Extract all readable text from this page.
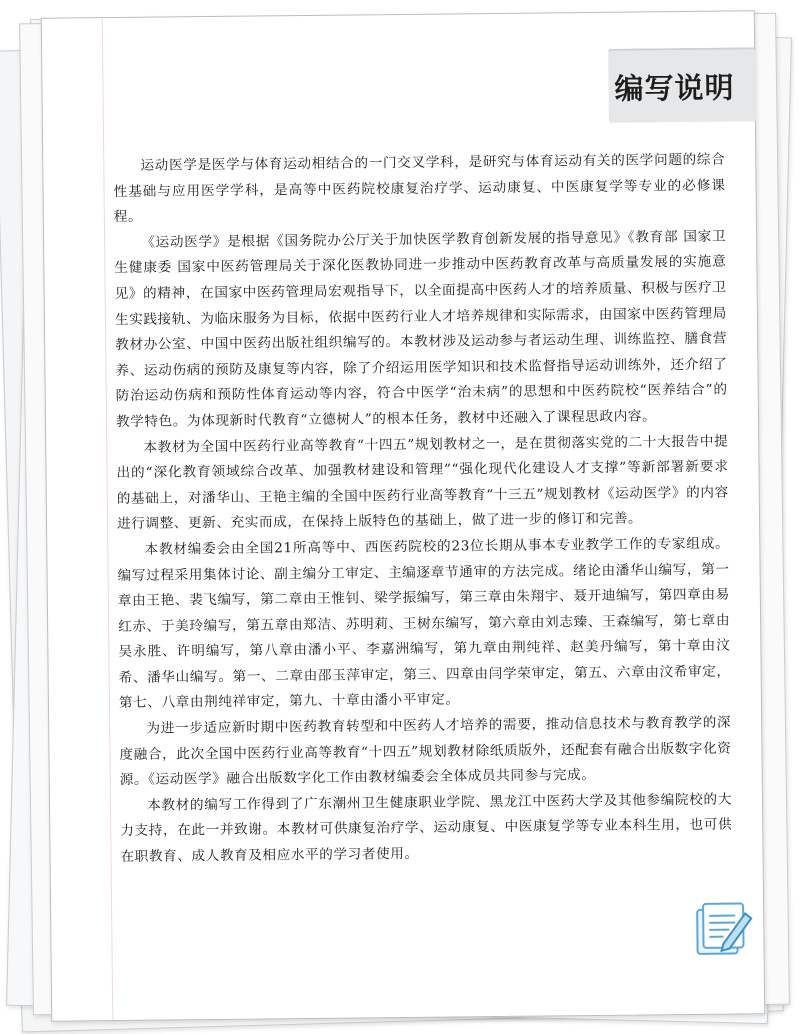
编写说明

运动医学是医学与体育运动相结合的一门交叉学科，是研究与体育运动有关的医学问题的综合性基础与应用医学学科，是高等中医药院校康复治疗学、运动康复、中医康复学等专业的必修课程。

《运动医学》是根据《国务院办公厅关于加快医学教育创新发展的指导意见》《教育部 国家卫生健康委 国家中医药管理局关于深化医教协同进一步推动中医药教育改革与高质量发展的实施意见》的精神，在国家中医药管理局宏观指导下，以全面提高中医药人才的培养质量、积极与医疗卫生实践接轨、为临床服务为目标，依据中医药行业人才培养规律和实际需求，由国家中医药管理局教材办公室、中国中医药出版社组织编写的。本教材涉及运动参与者运动生理、训练监控、膳食营养、运动伤病的预防及康复等内容，除了介绍运用医学知识和技术监督指导运动训练外，还介绍了防治运动伤病和预防性体育运动等内容，符合中医学“治未病”的思想和中医药院校“医养结合”的教学特色。为体现新时代教育“立德树人”的根本任务，教材中还融入了课程思政内容。

本教材为全国中医药行业高等教育“十四五”规划教材之一，是在贯彻落实党的二十大报告中提出的“深化教育领域综合改革、加强教材建设和管理”“强化现代化建设人才支撑”等新部署新要求的基础上，对潘华山、王艳主编的全国中医药行业高等教育“十三五”规划教材《运动医学》的内容进行调整、更新、充实而成，在保持上版特色的基础上，做了进一步的修订和完善。

本教材编委会由全国21所高等中、西医药院校的23位长期从事本专业教学工作的专家组成。编写过程采用集体讨论、副主编分工审定、主编逐章节通审的方法完成。绪论由潘华山编写，第一章由王艳、裴飞编写，第二章由王惟钊、梁学振编写，第三章由朱翔宇、聂开迪编写，第四章由易红赤、于美玲编写，第五章由郑洁、苏明莉、王树东编写，第六章由刘志臻、王森编写，第七章由吴永胜、许明编写，第八章由潘小平、李嘉洲编写，第九章由荆纯祥、赵美丹编写，第十章由汶希、潘华山编写。第一、二章由邵玉萍审定，第三、四章由闫学荣审定，第五、六章由汶希审定，第七、八章由荆纯祥审定，第九、十章由潘小平审定。

为进一步适应新时期中医药教育转型和中医药人才培养的需要，推动信息技术与教育教学的深度融合，此次全国中医药行业高等教育“十四五”规划教材除纸质版外，还配套有融合出版数字化资源。《运动医学》融合出版数字化工作由教材编委会全体成员共同参与完成。

本教材的编写工作得到了广东潮州卫生健康职业学院、黑龙江中医药大学及其他参编院校的大力支持，在此一并致谢。本教材可供康复治疗学、运动康复、中医康复学等专业本科生用，也可供在职教育、成人教育及相应水平的学习者使用。
